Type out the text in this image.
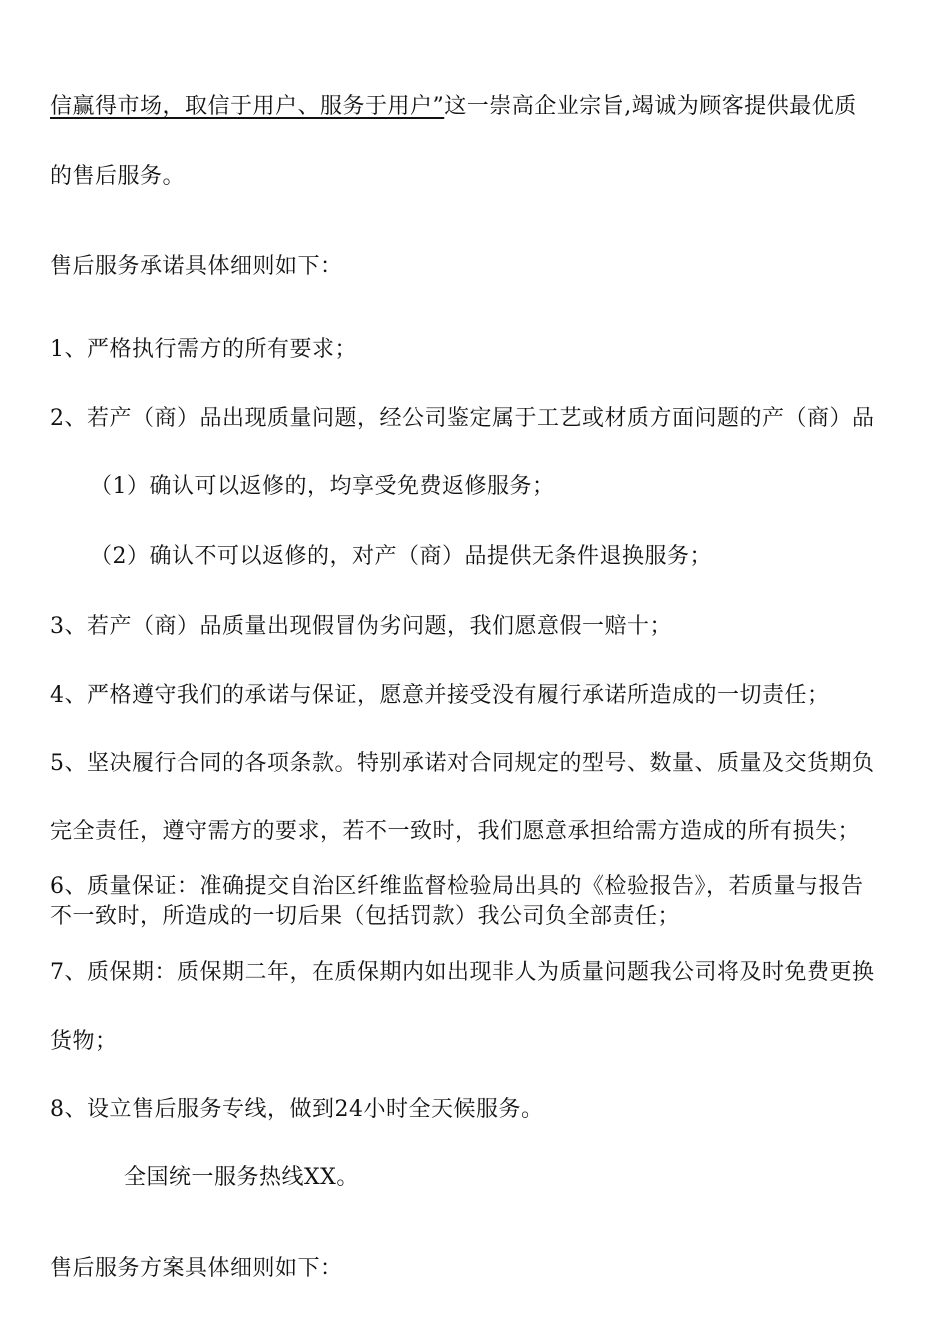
信赢得市场，取信于用户、服务于用户”这一崇高企业宗旨,竭诚为顾客提供最优质
的售后服务。
售后服务承诺具体细则如下：
1、严格执行需方的所有要求；
2、若产（商）品出现质量问题，经公司鉴定属于工艺或材质方面问题的产（商）品
（1）确认可以返修的，均享受免费返修服务；
（2）确认不可以返修的，对产（商）品提供无条件退换服务；
3、若产（商）品质量出现假冒伪劣问题，我们愿意假一赔十；
4、严格遵守我们的承诺与保证，愿意并接受没有履行承诺所造成的一切责任；
5、坚决履行合同的各项条款。特别承诺对合同规定的型号、数量、质量及交货期负
完全责任，遵守需方的要求，若不一致时，我们愿意承担给需方造成的所有损失；
6、质量保证：准确提交自治区纤维监督检验局出具的《检验报告》，若质量与报告
不一致时，所造成的一切后果（包括罚款）我公司负全部责任；
7、质保期：质保期二年，在质保期内如出现非人为质量问题我公司将及时免费更换
货物；
8、设立售后服务专线，做到24小时全天候服务。
全国统一服务热线XX。
售后服务方案具体细则如下：
